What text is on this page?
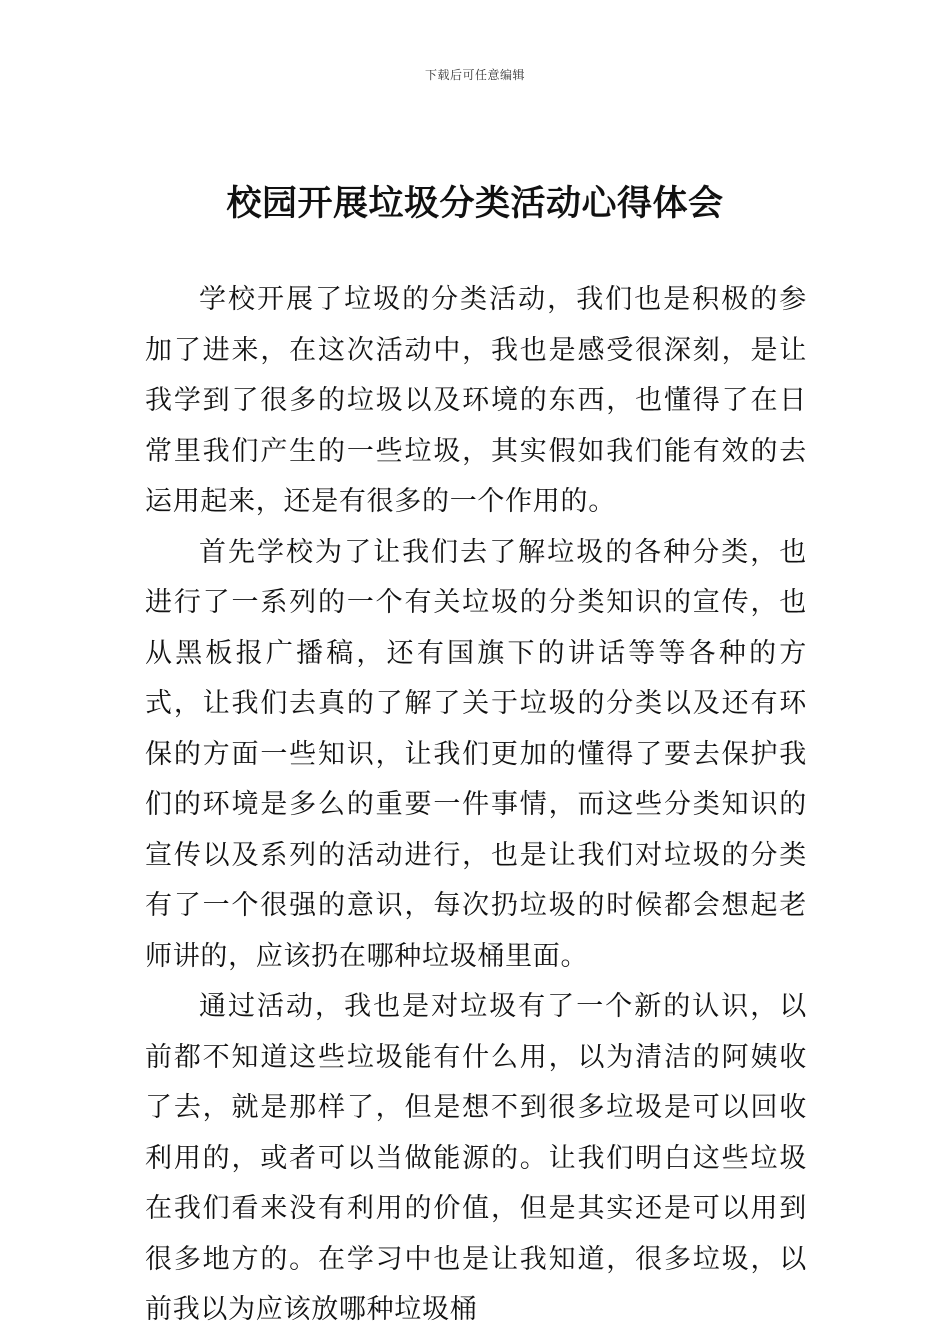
下载后可任意编辑
校园开展垃圾分类活动心得体会

学校开展了垃圾的分类活动，我们也是积极的参加了进来，在这次活动中，我也是感受很深刻，是让我学到了很多的垃圾以及环境的东西，也懂得了在日常里我们产生的一些垃圾，其实假如我们能有效的去运用起来，还是有很多的一个作用的。

首先学校为了让我们去了解垃圾的各种分类，也进行了一系列的一个有关垃圾的分类知识的宣传，也从黑板报广播稿，还有国旗下的讲话等等各种的方式，让我们去真的了解了关于垃圾的分类以及还有环保的方面一些知识，让我们更加的懂得了要去保护我们的环境是多么的重要一件事情，而这些分类知识的宣传以及系列的活动进行，也是让我们对垃圾的分类有了一个很强的意识，每次扔垃圾的时候都会想起老师讲的，应该扔在哪种垃圾桶里面。

通过活动，我也是对垃圾有了一个新的认识，以前都不知道这些垃圾能有什么用，以为清洁的阿姨收了去，就是那样了，但是想不到很多垃圾是可以回收利用的，或者可以当做能源的。让我们明白这些垃圾在我们看来没有利用的价值，但是其实还是可以用到很多地方的。在学习中也是让我知道，很多垃圾，以前我以为应该放哪种垃圾桶
